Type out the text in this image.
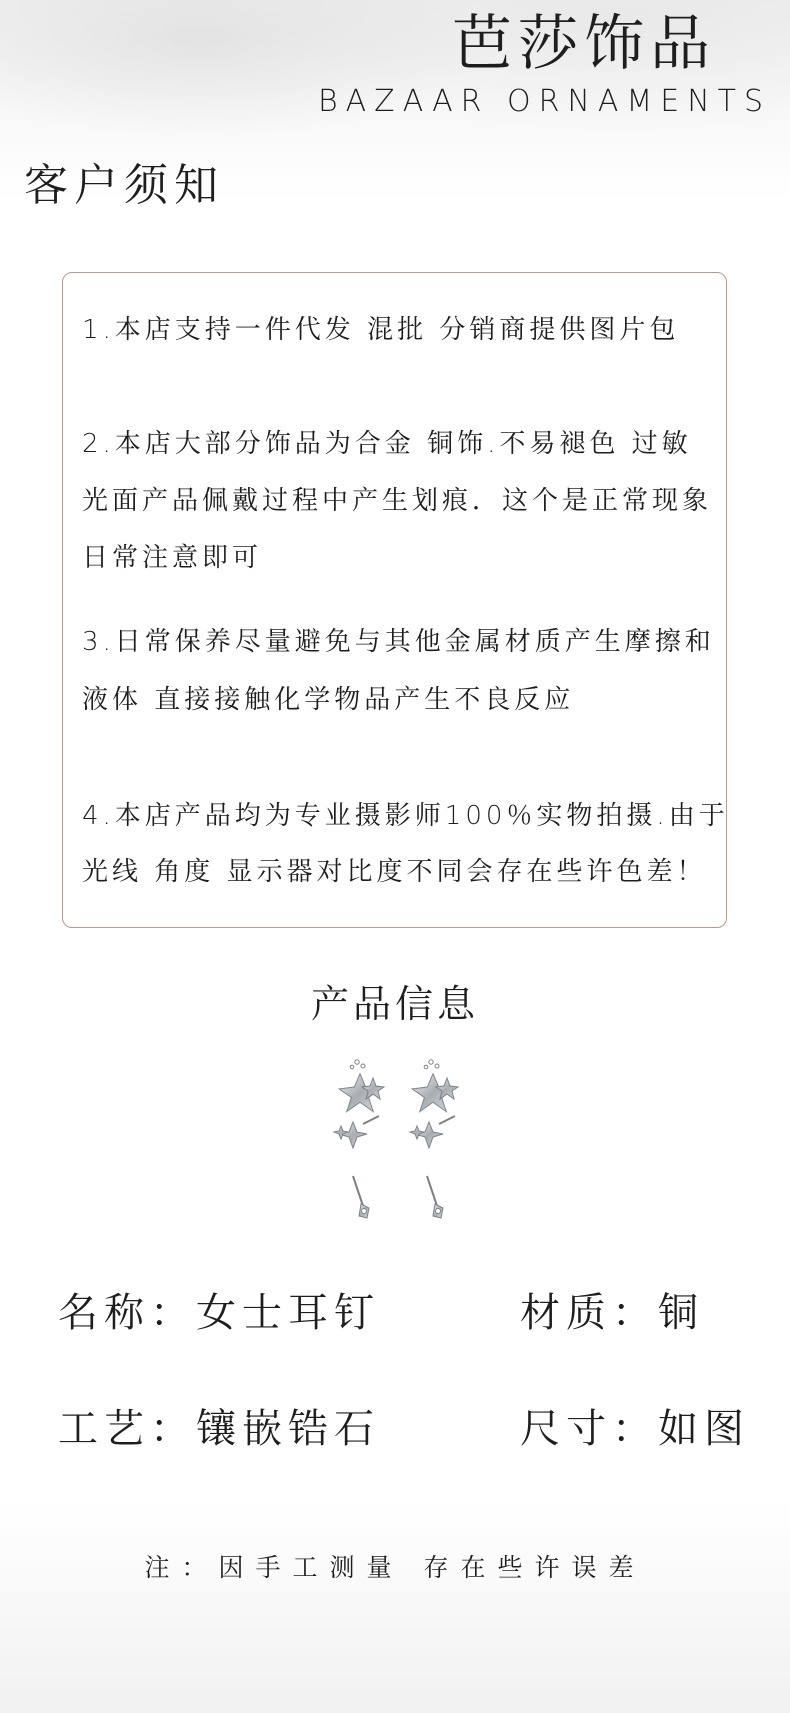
芭莎饰品
BAZAAR ORNAMENTS
客户须知
1.本店支持一件代发 混批 分销商提供图片包
2.本店大部分饰品为合金 铜饰.不易褪色 过敏
光面产品佩戴过程中产生划痕．这个是正常现象
日常注意即可
3.日常保养尽量避免与其他金属材质产生摩擦和
液体 直接接触化学物品产生不良反应
4.本店产品均为专业摄影师100％实物拍摄.由于
光线 角度 显示器对比度不同会存在些许色差！
产品信息
名称：女士耳钉	材质：铜
工艺：镶嵌锆石	尺寸：如图
注：因手工测量 存在些许误差
